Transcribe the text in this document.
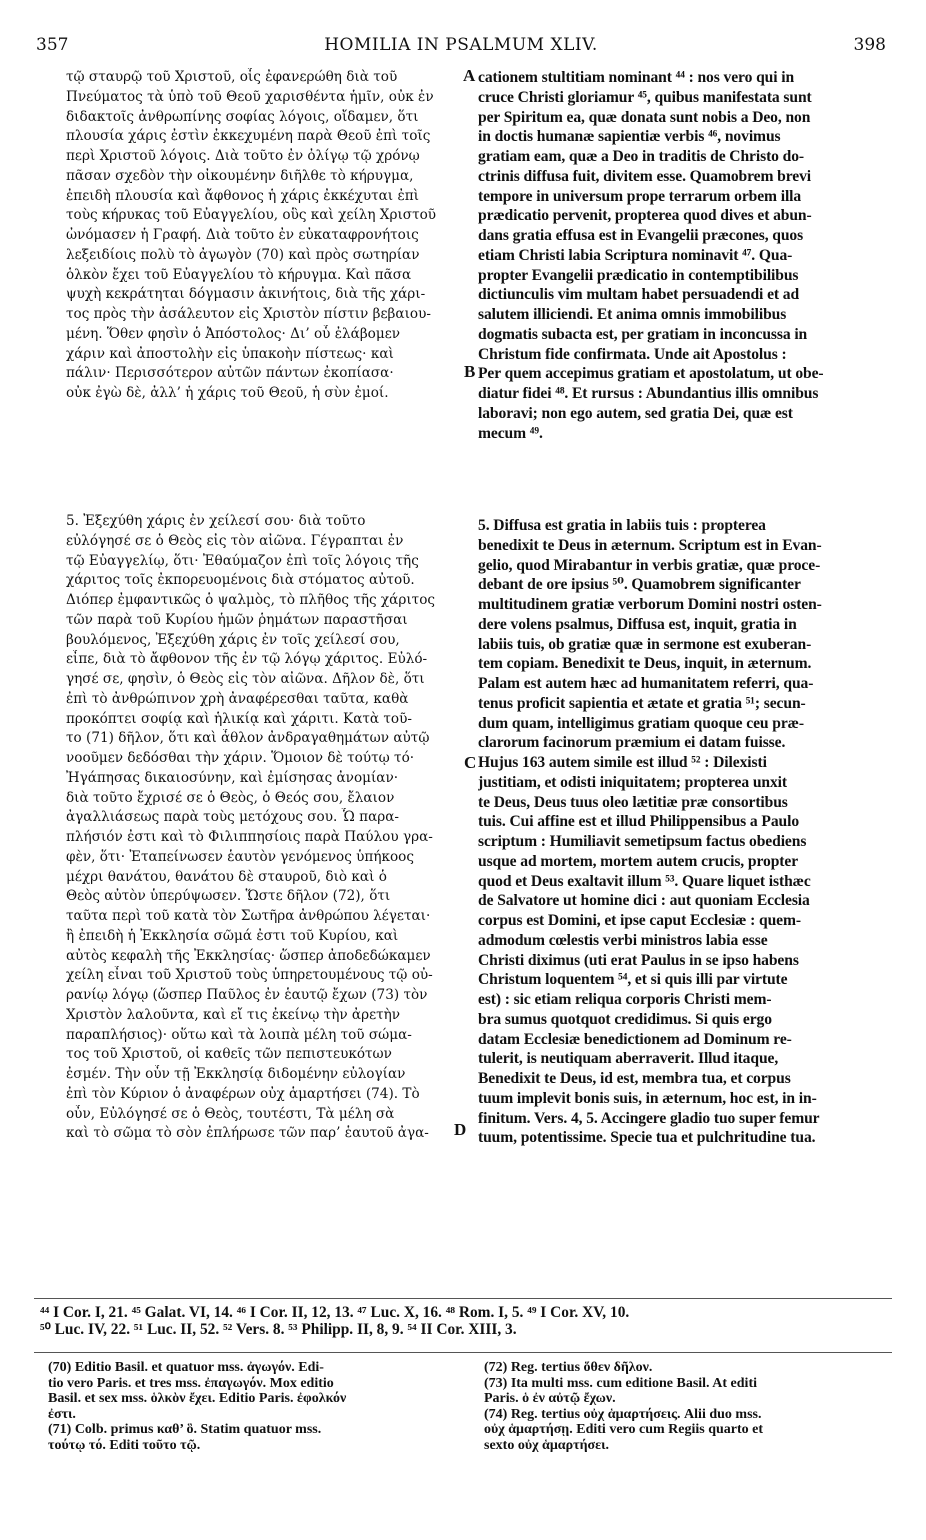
357	HOMILIA IN PSALMUM XLIV.	398
τῷ σταυρῷ τοῦ Χριστοῦ, οἷς ἐφανερώθη διὰ τοῦ
Πνεύματος τὰ ὑπὸ τοῦ Θεοῦ χαρισθέντα ἡμῖν, οὐκ ἐν
διδακτοῖς ἀνθρωπίνης σοφίας λόγοις, οἴδαμεν, ὅτι
πλουσία χάρις ἐστὶν ἐκκεχυμένη παρὰ Θεοῦ ἐπὶ τοῖς
περὶ Χριστοῦ λόγοις. Διὰ τοῦτο ἐν ὀλίγῳ τῷ χρόνῳ
πᾶσαν σχεδὸν τὴν οἰκουμένην διῆλθε τὸ κήρυγμα,
ἐπειδὴ πλουσία καὶ ἄφθονος ἡ χάρις ἐκκέχυται ἐπὶ
τοὺς κήρυκας τοῦ Εὐαγγελίου, οὓς καὶ χείλη Χριστοῦ
ὠνόμασεν ἡ Γραφή. Διὰ τοῦτο ἐν εὐκαταφρονήτοις
λεξειδίοις πολὺ τὸ ἀγωγὸν (70) καὶ πρὸς σωτηρίαν
ὁλκὸν ἔχει τοῦ Εὐαγγελίου τὸ κήρυγμα. Καὶ πᾶσα
ψυχὴ κεκράτηται δόγμασιν ἀκινήτοις, διὰ τῆς χάρι-
τος πρὸς τὴν ἀσάλευτον εἰς Χριστὸν πίστιν βεβαιου-
μένη. Ὅθεν φησὶν ὁ Ἀπόστολος· Δι’ οὗ ἐλάβομεν
χάριν καὶ ἀποστολὴν εἰς ὑπακοὴν πίστεως· καὶ
πάλιν· Περισσότερον αὐτῶν πάντων ἐκοπίασα·
οὐκ ἐγὼ δὲ, ἀλλ’ ἡ χάρις τοῦ Θεοῦ, ἡ σὺν ἐμοί.
5. Ἐξεχύθη χάρις ἐν χείλεσί σου· διὰ τοῦτο
εὐλόγησέ σε ὁ Θεὸς εἰς τὸν αἰῶνα. Γέγραπται ἐν
τῷ Εὐαγγελίῳ, ὅτι· Ἐθαύμαζον ἐπὶ τοῖς λόγοις τῆς
χάριτος τοῖς ἐκπορευομένοις διὰ στόματος αὐτοῦ.
Διόπερ ἐμφαντικῶς ὁ ψαλμὸς, τὸ πλῆθος τῆς χάριτος
τῶν παρὰ τοῦ Κυρίου ἡμῶν ῥημάτων παραστῆσαι
βουλόμενος, Ἐξεχύθη χάρις ἐν τοῖς χείλεσί σου,
εἶπε, διὰ τὸ ἄφθονον τῆς ἐν τῷ λόγῳ χάριτος. Εὐλό-
γησέ σε, φησὶν, ὁ Θεὸς εἰς τὸν αἰῶνα. Δῆλον δὲ, ὅτι
ἐπὶ τὸ ἀνθρώπινον χρὴ ἀναφέρεσθαι ταῦτα, καθὰ
προκόπτει σοφίᾳ καὶ ἡλικίᾳ καὶ χάριτι. Κατὰ τοῦ-
το (71) δῆλον, ὅτι καὶ ἆθλον ἀνδραγαθημάτων αὐτῷ
νοοῦμεν δεδόσθαι τὴν χάριν. Ὅμοιον δὲ τούτῳ τό·
Ἠγάπησας δικαιοσύνην, καὶ ἐμίσησας ἀνομίαν·
διὰ τοῦτο ἔχρισέ σε ὁ Θεὸς, ὁ Θεός σου, ἔλαιον
ἀγαλλιάσεως παρὰ τοὺς μετόχους σου. Ὧ παρα-
πλήσιόν ἐστι καὶ τὸ Φιλιππησίοις παρὰ Παύλου γρα-
φὲν, ὅτι· Ἐταπείνωσεν ἑαυτὸν γενόμενος ὑπήκοος
μέχρι θανάτου, θανάτου δὲ σταυροῦ, διὸ καὶ ὁ
Θεὸς αὐτὸν ὑπερύψωσεν. Ὥστε δῆλον (72), ὅτι
ταῦτα περὶ τοῦ κατὰ τὸν Σωτῆρα ἀνθρώπου λέγεται·
ἢ ἐπειδὴ ἡ Ἐκκλησία σῶμά ἐστι τοῦ Κυρίου, καὶ
αὐτὸς κεφαλὴ τῆς Ἐκκλησίας· ὥσπερ ἀποδεδώκαμεν
χείλη εἶναι τοῦ Χριστοῦ τοὺς ὑπηρετουμένους τῷ οὐ-
ρανίῳ λόγῳ (ὥσπερ Παῦλος ἐν ἑαυτῷ ἔχων (73) τὸν
Χριστὸν λαλοῦντα, καὶ εἴ τις ἐκείνῳ τὴν ἀρετὴν
παραπλήσιος)· οὕτω καὶ τὰ λοιπὰ μέλη τοῦ σώμα-
τος τοῦ Χριστοῦ, οἱ καθεῖς τῶν πεπιστευκότων
ἐσμέν. Τὴν οὖν τῇ Ἐκκλησίᾳ διδομένην εὐλογίαν
ἐπὶ τὸν Κύριον ὁ ἀναφέρων οὐχ ἁμαρτήσει (74). Τὸ
οὖν, Εὐλόγησέ σε ὁ Θεὸς, τουτέστι, Τὰ μέλη σὰ
καὶ τὸ σῶμα τὸ σὸν ἐπλήρωσε τῶν παρ’ ἑαυτοῦ ἀγα-
cationem stultitiam nominant ⁴⁴ : nos vero qui in
cruce Christi gloriamur ⁴⁵, quibus manifestata sunt
per Spiritum ea, quæ donata sunt nobis a Deo, non
in doctis humanæ sapientiæ verbis ⁴⁶, novimus
gratiam eam, quæ a Deo in traditis de Christo do-
ctrinis diffusa fuit, divitem esse. Quamobrem brevi
tempore in universum prope terrarum orbem illa
prædicatio pervenit, propterea quod dives et abun-
dans gratia effusa est in Evangelii præcones, quos
etiam Christi labia Scriptura nominavit ⁴⁷. Qua-
propter Evangelii prædicatio in contemptibilibus
dictiunculis vim multam habet persuadendi et ad
salutem illiciendi. Et anima omnis immobilibus
dogmatis subacta est, per gratiam in inconcussa in
Christum fide confirmata. Unde ait Apostolus :
Per quem accepimus gratiam et apostolatum, ut obe-
diatur fidei ⁴⁸. Et rursus : Abundantius illis omnibus
laboravi; non ego autem, sed gratia Dei, quæ est
mecum ⁴⁹.
5. Diffusa est gratia in labiis tuis : propterea
benedixit te Deus in æternum. Scriptum est in Evan-
gelio, quod Mirabantur in verbis gratiæ, quæ proce-
debant de ore ipsius ⁵⁰. Quamobrem significanter
multitudinem gratiæ verborum Domini nostri osten-
dere volens psalmus, Diffusa est, inquit, gratia in
labiis tuis, ob gratiæ quæ in sermone est exuberan-
tem copiam. Benedixit te Deus, inquit, in æternum.
Palam est autem hæc ad humanitatem referri, qua-
tenus proficit sapientia et ætate et gratia ⁵¹; secun-
dum quam, intelligimus gratiam quoque ceu præ-
clarorum facinorum præmium ei datam fuisse.
Hujus 163 autem simile est illud ⁵² : Dilexisti
justitiam, et odisti iniquitatem; propterea unxit
te Deus, Deus tuus oleo lætitiæ præ consortibus
tuis. Cui affine est et illud Philippensibus a Paulo
scriptum : Humiliavit semetipsum factus obediens
usque ad mortem, mortem autem crucis, propter
quod et Deus exaltavit illum ⁵³. Quare liquet isthæc
de Salvatore ut homine dici : aut quoniam Ecclesia
corpus est Domini, et ipse caput Ecclesiæ : quem-
admodum cœlestis verbi ministros labia esse
Christi diximus (uti erat Paulus in se ipso habens
Christum loquentem ⁵⁴, et si quis illi par virtute
est) : sic etiam reliqua corporis Christi mem-
bra sumus quotquot credidimus. Si quis ergo
datam Ecclesiæ benedictionem ad Dominum re-
tulerit, is neutiquam aberraverit. Illud itaque,
Benedixit te Deus, id est, membra tua, et corpus
tuum implevit bonis suis, in æternum, hoc est, in in-
finitum. Vers. 4, 5. Accingere gladio tuo super femur
tuum, potentissime. Specie tua et pulchritudine tua.
A
B
C
D
⁴⁴ I Cor. I, 21. ⁴⁵ Galat. VI, 14. ⁴⁶ I Cor. II, 12, 13. ⁴⁷ Luc. X, 16. ⁴⁸ Rom. I, 5. ⁴⁹ I Cor. XV, 10.
⁵⁰ Luc. IV, 22. ⁵¹ Luc. II, 52. ⁵² Vers. 8. ⁵³ Philipp. II, 8, 9. ⁵⁴ II Cor. XIII, 3.
(70) Editio Basil. et quatuor mss. ἀγωγόν. Edi-
tio vero Paris. et tres mss. ἐπαγωγόν. Mox editio
Basil. et sex mss. ὁλκὸν ἔχει. Editio Paris. ἐφολκόν
ἐστι.
(71) Colb. primus καθ’ ὃ. Statim quatuor mss.
τούτῳ τό. Editi τοῦτο τῷ.
(72) Reg. tertius ὅθεν δῆλον.
(73) Ita multi mss. cum editione Basil. At editi
Paris. ὁ ἐν αὐτῷ ἔχων.
(74) Reg. tertius οὐχ ἁμαρτήσεις. Alii duo mss.
οὐχ ἁμαρτήσῃ. Editi vero cum Regiis quarto et
sexto οὐχ ἁμαρτήσει.
